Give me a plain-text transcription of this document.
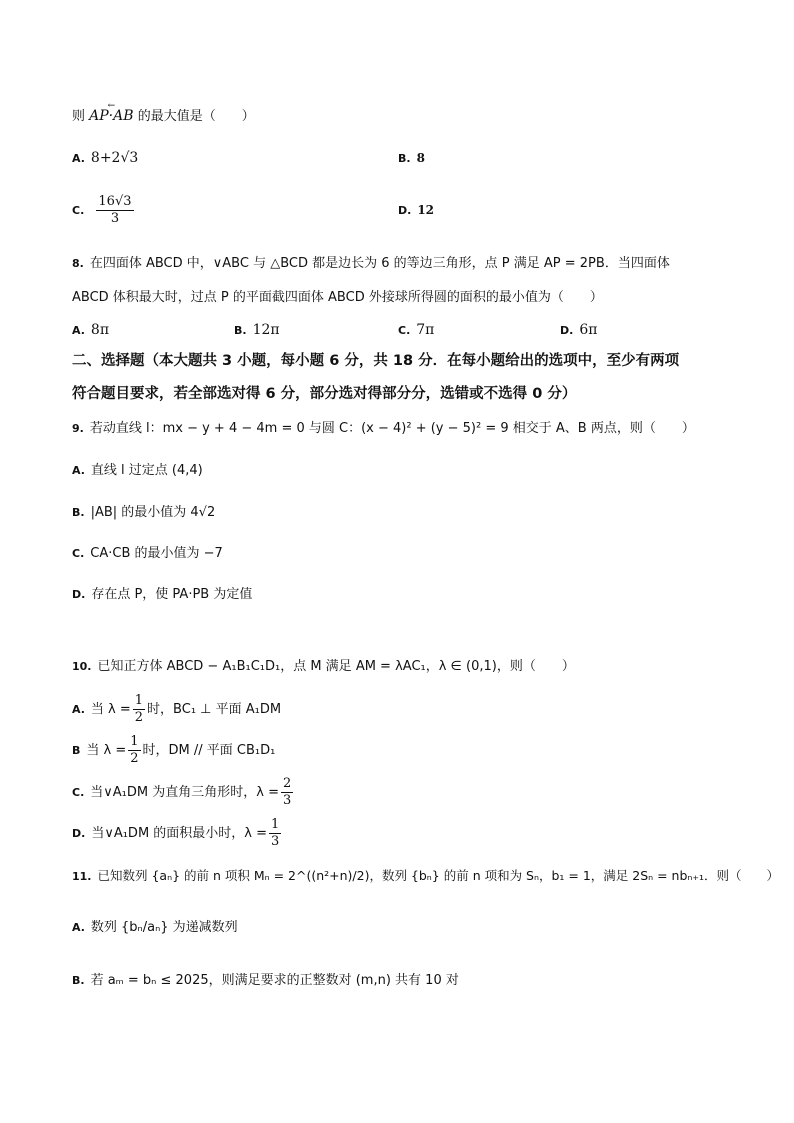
则 ← AP·AB 的最大值是（　　）
A. 8+2√3	B. 8
C. $\frac{16√3}{3}$	D. 12
8. 在四面体 ABCD 中，∨ABC 与 △BCD 都是边长为 6 的等边三角形，点 P 满足 AP = 2PB．当四面体
ABCD 体积最大时，过点 P 的平面截四面体 ABCD 外接球所得圆的面积的最小值为（　　）
A. 8π	B. 12π	C. 7π	D. 6π
二、选择题（本大题共 3 小题，每小题 6 分，共 18 分．在每小题给出的选项中，至少有两项
符合题目要求，若全部选对得 6 分，部分选对得部分分，选错或不选得 0 分）
9. 若动直线 l：mx − y + 4 − 4m = 0 与圆 C：(x − 4)² + (y − 5)² = 9 相交于 A、B 两点，则（　　）
A. 直线 l 过定点 (4,4)
B. |AB| 的最小值为 4√2
C. CA·CB 的最小值为 −7
D. 存在点 P，使 PA·PB 为定值
10. 已知正方体 ABCD − A₁B₁C₁D₁，点 M 满足 AM = λAC₁，λ ∈ (0,1)，则（　　）
A. 当 $\lambda = \frac{1}{2}$ 时，BC₁ ⊥ 平面 A₁DM
B 当 $\lambda = \frac{1}{2}$ 时，DM // 平面 CB₁D₁
C. 当∨A₁DM 为直角三角形时，$\lambda = \frac{2}{3}$
D. 当∨A₁DM 的面积最小时，$\lambda = \frac{1}{3}$
11. 已知数列 {aₙ} 的前 n 项积 Mₙ = 2^((n²+n)/2)，数列 {bₙ} 的前 n 项和为 Sₙ，b₁ = 1，满足 2Sₙ = nbₙ₊₁．则（　　）
A. 数列 {bₙ/aₙ} 为递减数列
B. 若 aₘ = bₙ ≤ 2025，则满足要求的正整数对 (m,n) 共有 10 对
